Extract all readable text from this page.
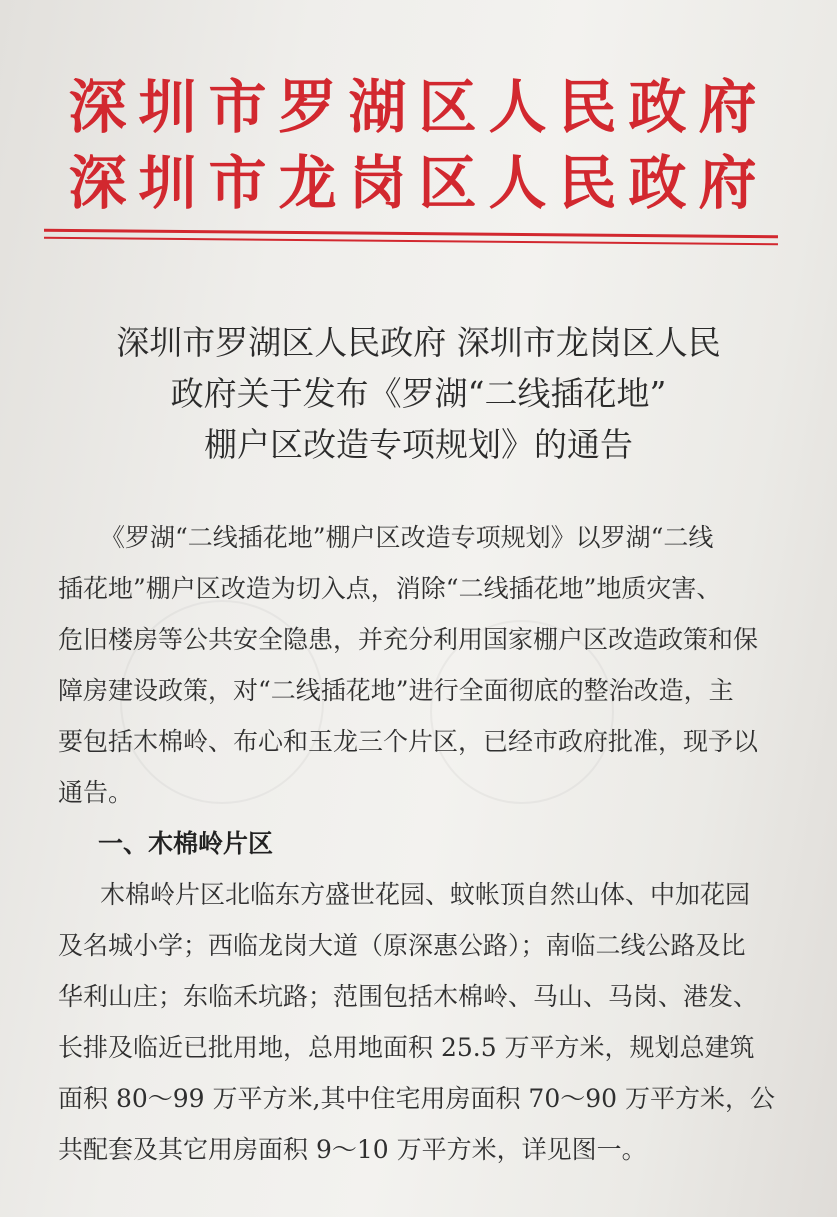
深圳市罗湖区人民政府
深圳市龙岗区人民政府
深圳市罗湖区人民政府 深圳市龙岗区人民
政府关于发布《罗湖“二线插花地”
棚户区改造专项规划》的通告
《罗湖“二线插花地”棚户区改造专项规划》以罗湖“二线
插花地”棚户区改造为切入点，消除“二线插花地”地质灾害、
危旧楼房等公共安全隐患，并充分利用国家棚户区改造政策和保
障房建设政策，对“二线插花地”进行全面彻底的整治改造，主
要包括木棉岭、布心和玉龙三个片区，已经市政府批准，现予以
通告。
一、木棉岭片区
木棉岭片区北临东方盛世花园、蚊帐顶自然山体、中加花园
及名城小学；西临龙岗大道（原深惠公路）；南临二线公路及比
华利山庄；东临禾坑路；范围包括木棉岭、马山、马岗、港发、
长排及临近已批用地，总用地面积 25.5 万平方米，规划总建筑
面积 80～99 万平方米,其中住宅用房面积 70～90 万平方米，公
共配套及其它用房面积 9～10 万平方米，详见图一。
